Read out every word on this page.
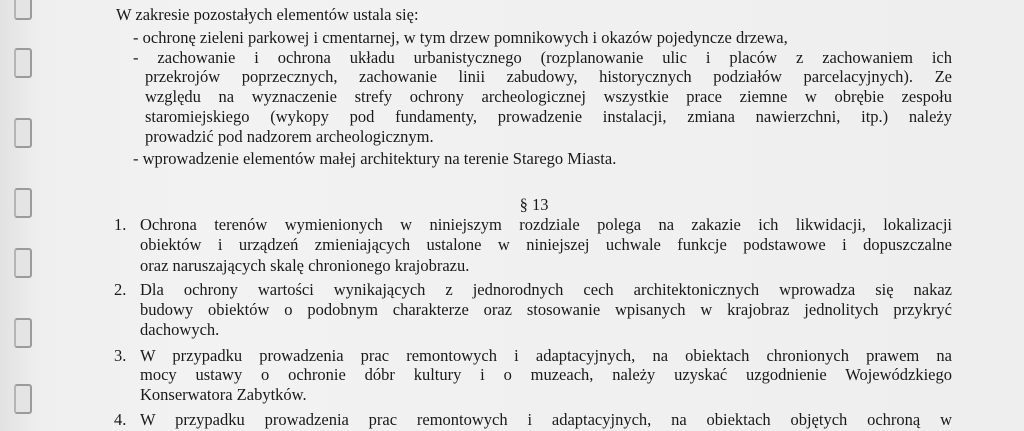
W zakresie pozostałych elementów ustala się:
- ochronę zieleni parkowej i cmentarnej, w tym drzew pomnikowych i okazów pojedyncze drzewa,
- zachowanie i ochrona układu urbanistycznego (rozplanowanie ulic i placów z zachowaniem ich
przekrojów poprzecznych, zachowanie linii zabudowy, historycznych podziałów parcelacyjnych). Ze
względu na wyznaczenie strefy ochrony archeologicznej wszystkie prace ziemne w obrębie zespołu
staromiejskiego (wykopy pod fundamenty, prowadzenie instalacji, zmiana nawierzchni, itp.) należy
prowadzić pod nadzorem archeologicznym.
- wprowadzenie elementów małej architektury na terenie Starego Miasta.
§ 13
1. Ochrona terenów wymienionych w niniejszym rozdziale polega na zakazie ich likwidacji, lokalizacji
obiektów i urządzeń zmieniających ustalone w niniejszej uchwale funkcje podstawowe i dopuszczalne
oraz naruszających skalę chronionego krajobrazu.
2. Dla ochrony wartości wynikających z jednorodnych cech architektonicznych wprowadza się nakaz
budowy obiektów o podobnym charakterze oraz stosowanie wpisanych w krajobraz jednolitych przykryć
dachowych.
3. W przypadku prowadzenia prac remontowych i adaptacyjnych, na obiektach chronionych prawem na
mocy ustawy o ochronie dóbr kultury i o muzeach, należy uzyskać uzgodnienie Wojewódzkiego
Konserwatora Zabytków.
4. W przypadku prowadzenia prac remontowych i adaptacyjnych, na obiektach objętych ochroną w
